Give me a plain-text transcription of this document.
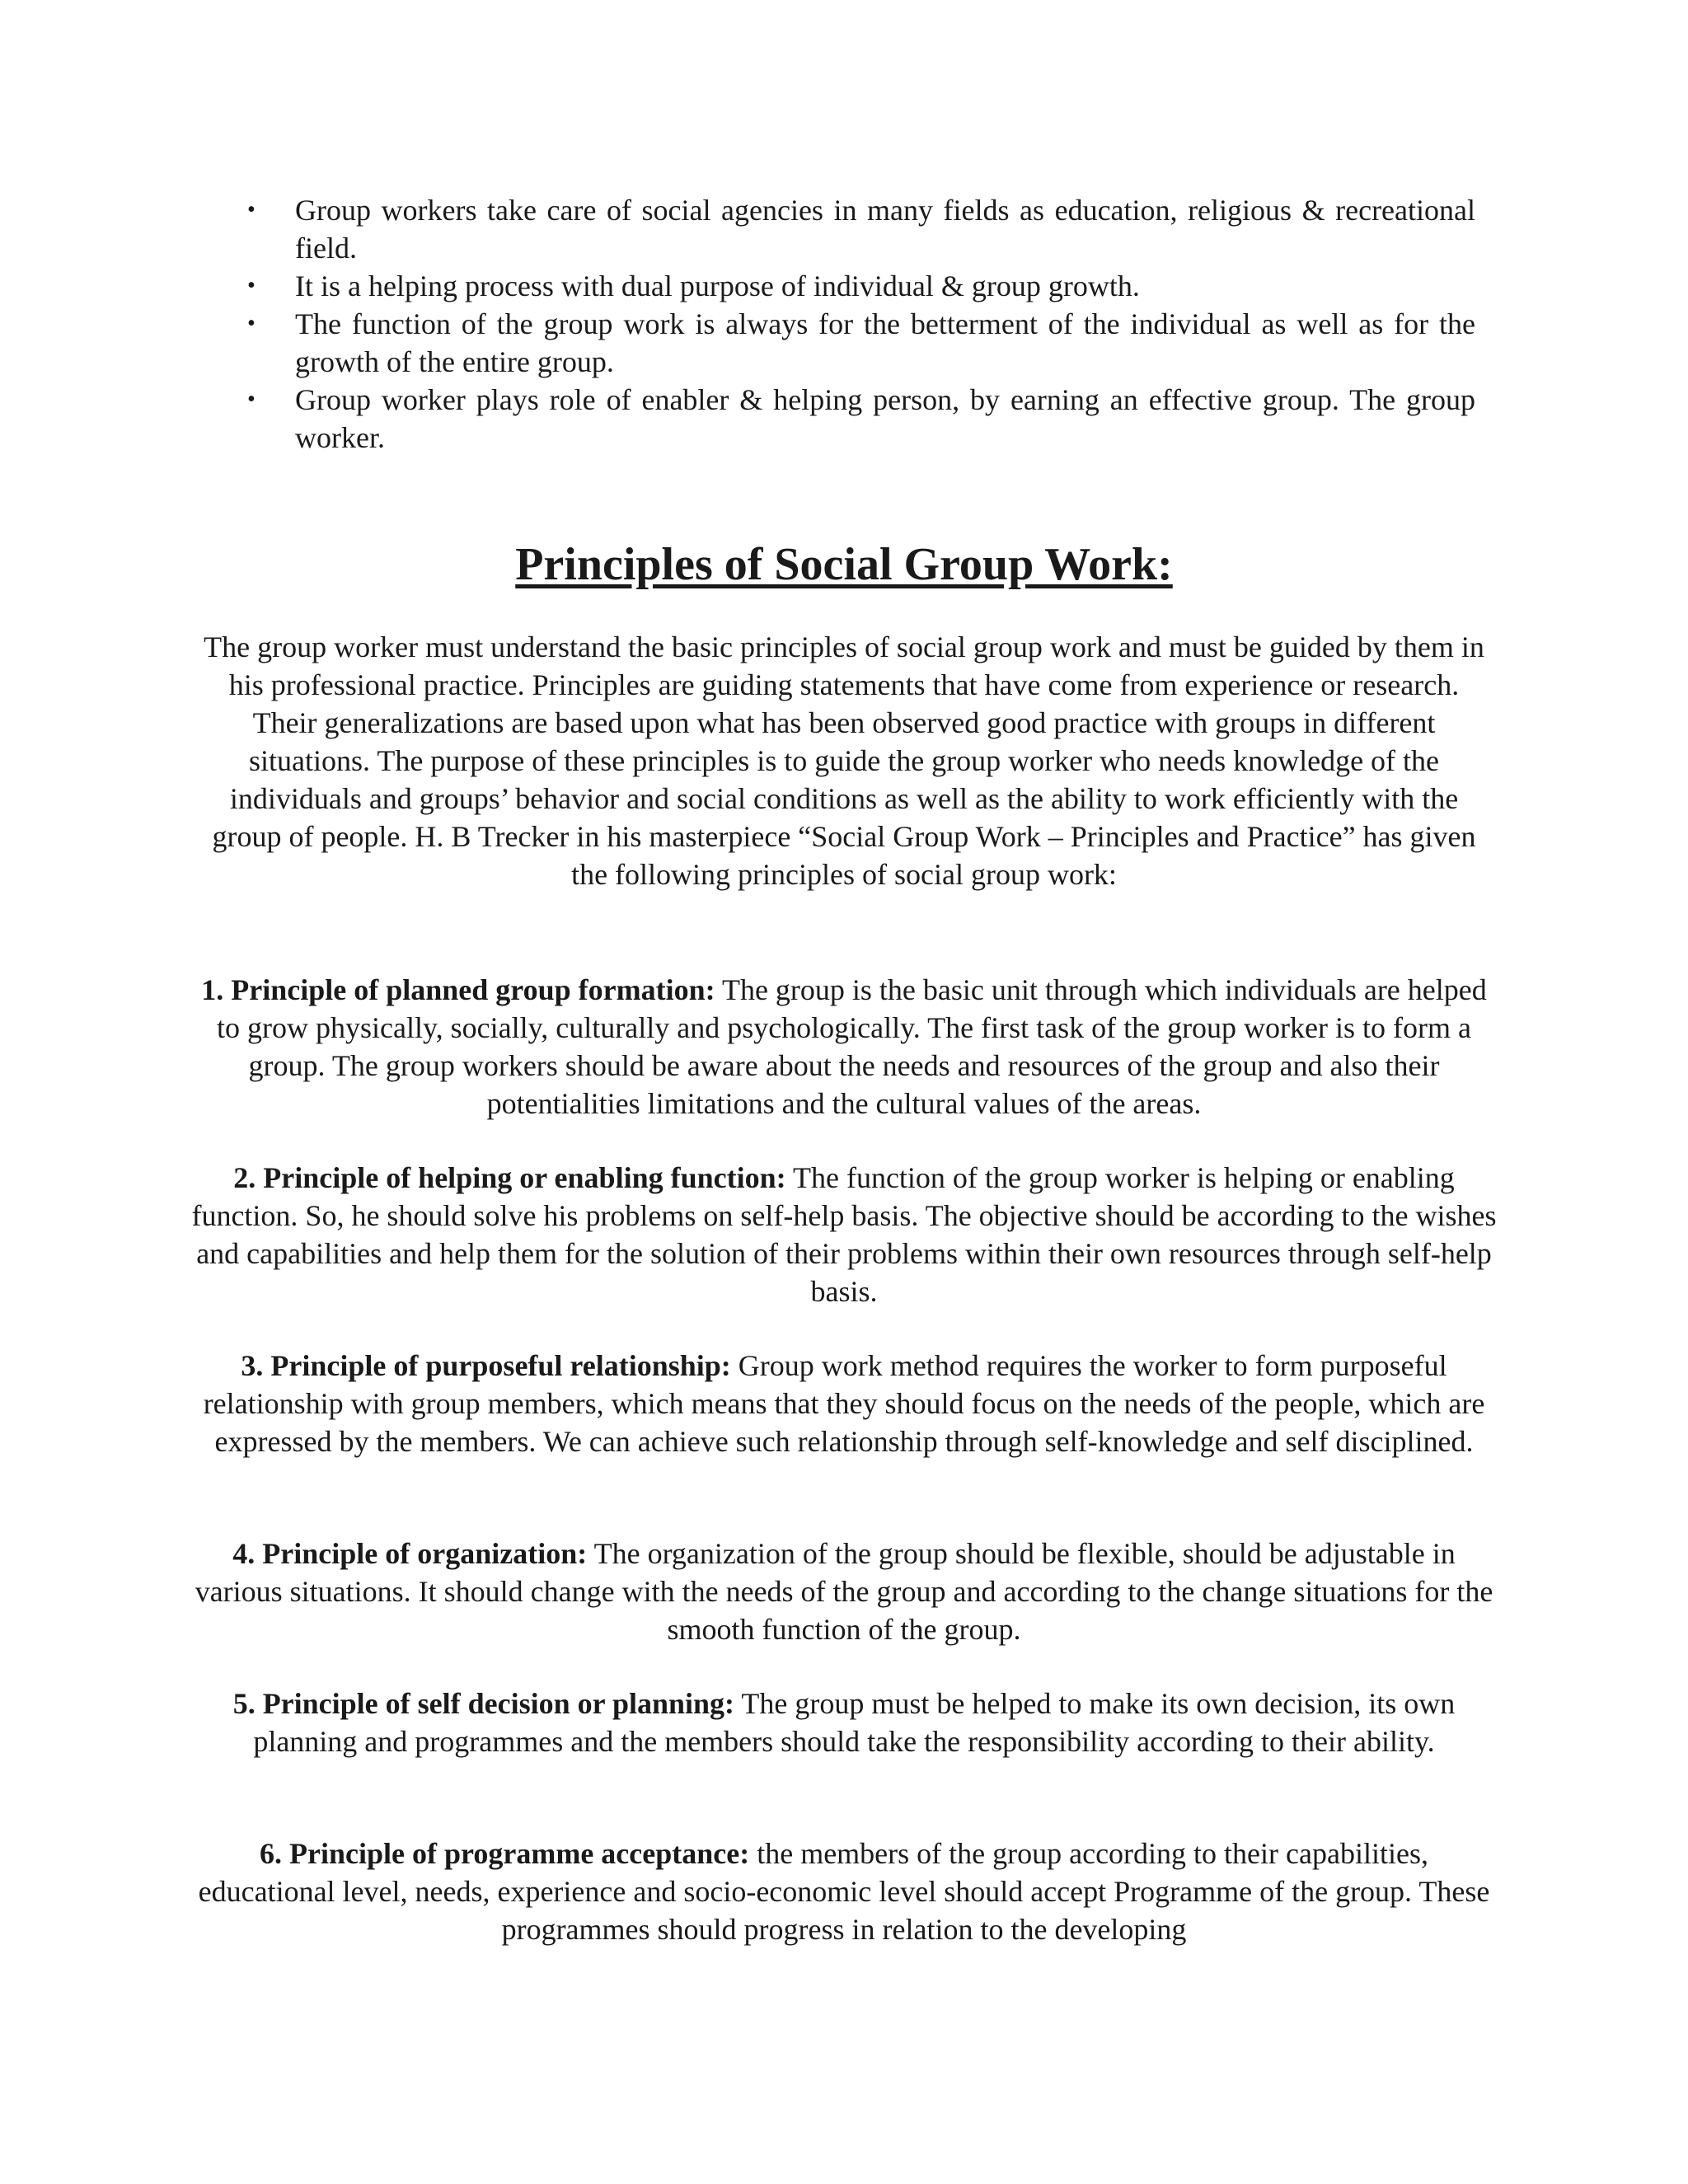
•	Group workers take care of social agencies in many fields as education, religious & recreational field.
•	It is a helping process with dual purpose of individual & group growth.
•	The function of the group work is always for the betterment of the individual as well as for the growth of the entire group.
•	Group worker plays role of enabler & helping person, by earning an effective group. The group worker.
Principles of Social Group Work:

The group worker must understand the basic principles of social group work and must be guided by them in his professional practice. Principles are guiding statements that have come from experience or research. Their generalizations are based upon what has been observed good practice with groups in different situations. The purpose of these principles is to guide the group worker who needs knowledge of the individuals and groups’ behavior and social conditions as well as the ability to work efficiently with the group of people. H. B Trecker in his masterpiece “Social Group Work – Principles and Practice” has given the following principles of social group work:

1. Principle of planned group formation: The group is the basic unit through which individuals are helped to grow physically, socially, culturally and psychologically. The first task of the group worker is to form a group. The group workers should be aware about the needs and resources of the group and also their potentialities limitations and the cultural values of the areas.

2. Principle of helping or enabling function: The function of the group worker is helping or enabling function. So, he should solve his problems on self-help basis. The objective should be according to the wishes and capabilities and help them for the solution of their problems within their own resources through self-help basis.

3. Principle of purposeful relationship: Group work method requires the worker to form purposeful relationship with group members, which means that they should focus on the needs of the people, which are expressed by the members. We can achieve such relationship through self-knowledge and self disciplined.

4. Principle of organization: The organization of the group should be flexible, should be adjustable in various situations. It should change with the needs of the group and according to the change situations for the smooth function of the group.

5. Principle of self decision or planning: The group must be helped to make its own decision, its own planning and programmes and the members should take the responsibility according to their ability.

6. Principle of programme acceptance: the members of the group according to their capabilities, educational level, needs, experience and socio-economic level should accept Programme of the group. These programmes should progress in relation to the developing
